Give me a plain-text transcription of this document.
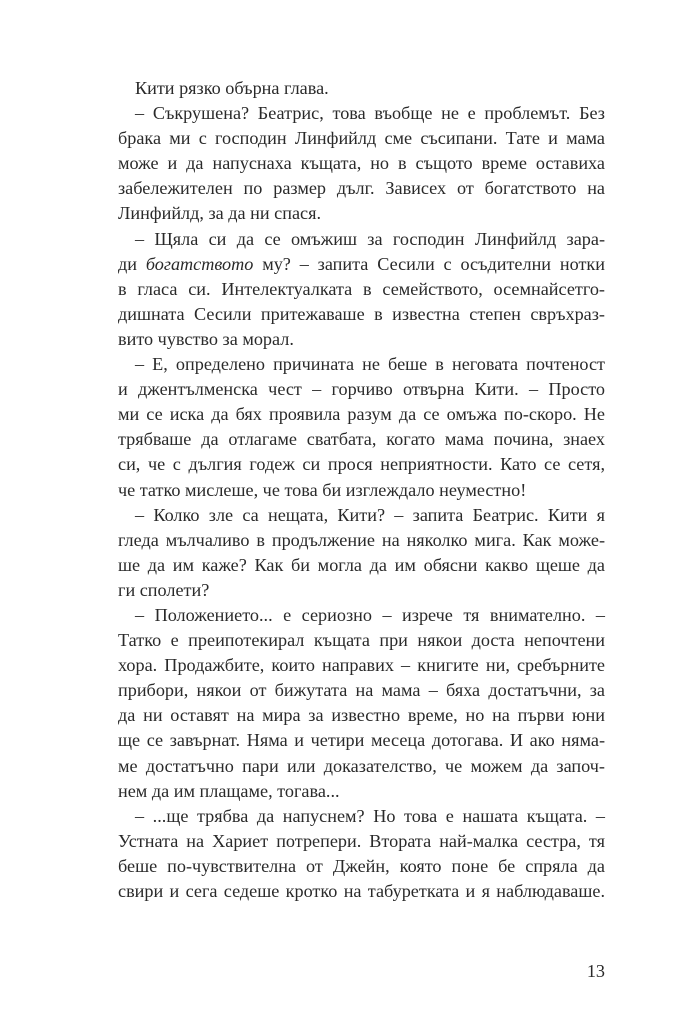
Кити рязко обърна глава.
– Съкрушена? Беатрис, това въобще не е проблемът. Без
брака ми с господин Линфийлд сме съсипани. Тате и мама
може и да напуснаха къщата, но в същото време оставиха
забележителен по размер дълг. Зависех от богатството на
Линфийлд, за да ни спася.
– Щяла си да се омъжиш за господин Линфийлд зара-
ди богатството му? – запита Сесили с осъдителни нотки
в гласа си. Интелектуалката в семейството, осемнайсетго-
дишната Сесили притежаваше в известна степен свръхраз-
вито чувство за морал.
– Е, определено причината не беше в неговата почтеност
и джентълменска чест – горчиво отвърна Кити. – Просто
ми се иска да бях проявила разум да се омъжа по-скоро. Не
трябваше да отлагаме сватбата, когато мама почина, знаех
си, че с дългия годеж си прося неприятности. Като се сетя,
че татко мислеше, че това би изглеждало неуместно!
– Колко зле са нещата, Кити? – запита Беатрис. Кити я
гледа мълчаливо в продължение на няколко мига. Как може-
ше да им каже? Как би могла да им обясни какво щеше да
ги сполети?
– Положението... е сериозно – изрече тя внимателно. –
Татко е преипотекирал къщата при някои доста непочтени
хора. Продажбите, които направих – книгите ни, сребърните
прибори, някои от бижутата на мама – бяха достатъчни, за
да ни оставят на мира за известно време, но на първи юни
ще се завърнат. Няма и четири месеца дотогава. И ако няма-
ме достатъчно пари или доказателство, че можем да започ-
нем да им плащаме, тогава...
– ...ще трябва да напуснем? Но това е нашата къщата. –
Устната на Хариет потрепери. Втората най-малка сестра, тя
беше по-чувствителна от Джейн, която поне бе спряла да
свири и сега седеше кротко на табуретката и я наблюдаваше.
13
